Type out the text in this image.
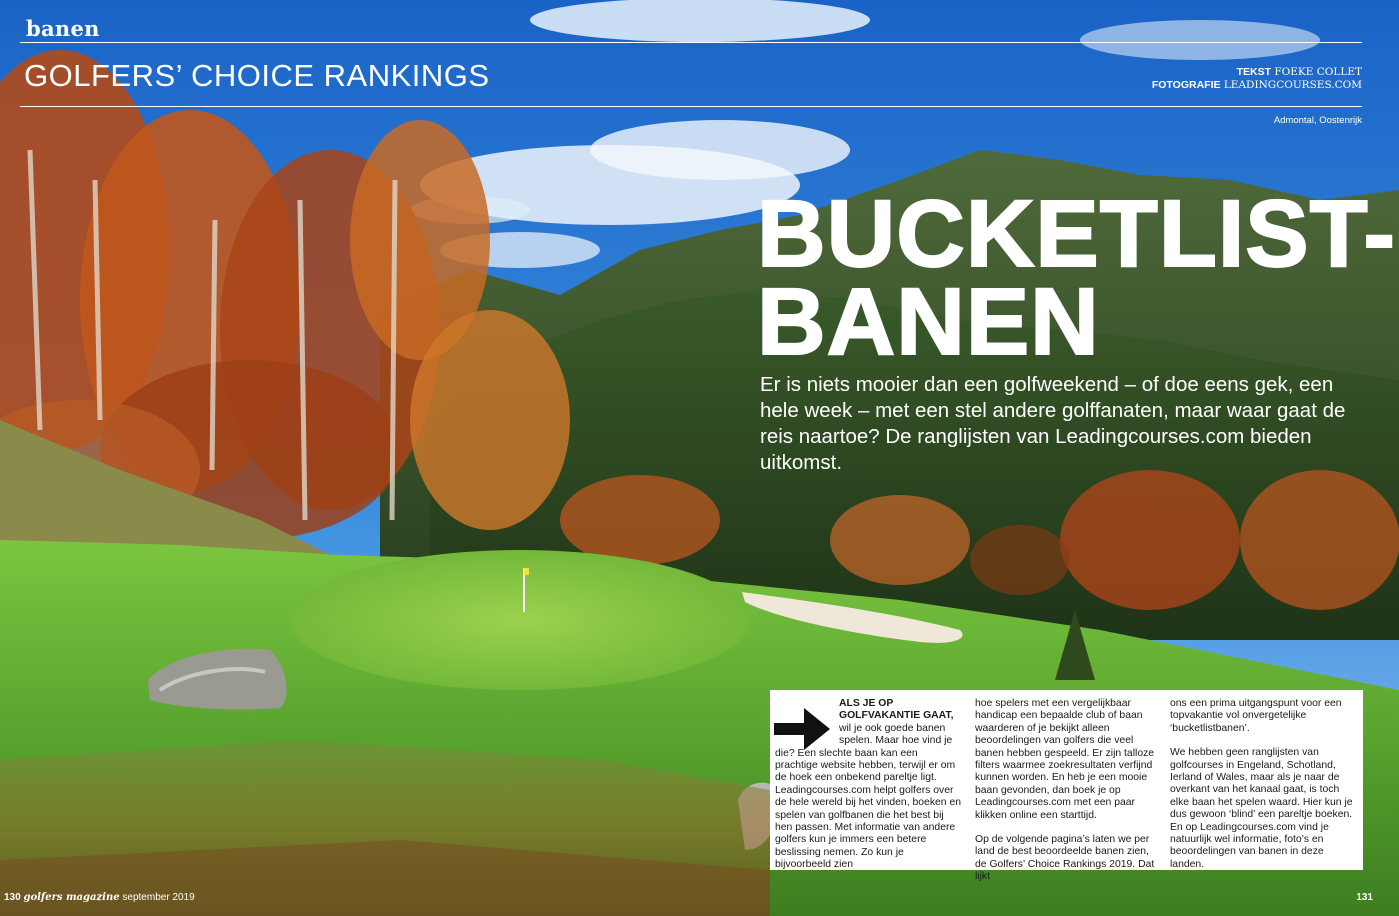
banen
GOLFERS’ CHOICE RANKINGS	TEKST FOEKE COLLET
FOTOGRAFIE LEADINGCOURSES.COM
Admontal, Oostenrijk
BUCKETLIST-
BANEN
Er is niets mooier dan een golfweekend – of doe eens gek, een hele week – met een stel andere golffanaten, maar waar gaat de reis naartoe? De ranglijsten van Leadingcourses.com bieden uitkomst.

ALS JE OP GOLFVAKANTIE GAAT, wil je ook goede banen spelen. Maar hoe vind je die? Een slechte baan kan een prachtige website hebben, terwijl er om de hoek een onbekend pareltje ligt. Leadingcourses.com helpt golfers over de hele wereld bij het vinden, boeken en spelen van golfbanen die het best bij hen passen. Met informatie van andere golfers kun je immers een betere beslissing nemen. Zo kun je bijvoorbeeld zien

hoe spelers met een vergelijkbaar handicap een bepaalde club of baan waarderen of je bekijkt alleen beoordelingen van golfers die veel banen hebben gespeeld. Er zijn talloze filters waarmee zoekresultaten verfijnd kunnen worden. En heb je een mooie baan gevonden, dan boek je op Leadingcourses.com met een paar klikken online een starttijd.

Op de volgende pagina’s laten we per land de best beoordeelde banen zien, de Golfers’ Choice Rankings 2019. Dat lijkt

ons een prima uitgangspunt voor een topvakantie vol onvergetelijke ‘bucketlistbanen’.

We hebben geen ranglijsten van golfcourses in Engeland, Schotland, Ierland of Wales, maar als je naar de overkant van het kanaal gaat, is toch elke baan het spelen waard. Hier kun je dus gewoon ‘blind’ een pareltje boeken. En op Leadingcourses.com vind je natuurlijk wel informatie, foto’s en beoordelingen van banen in deze landen.

130 golfers magazine september 2019	131
